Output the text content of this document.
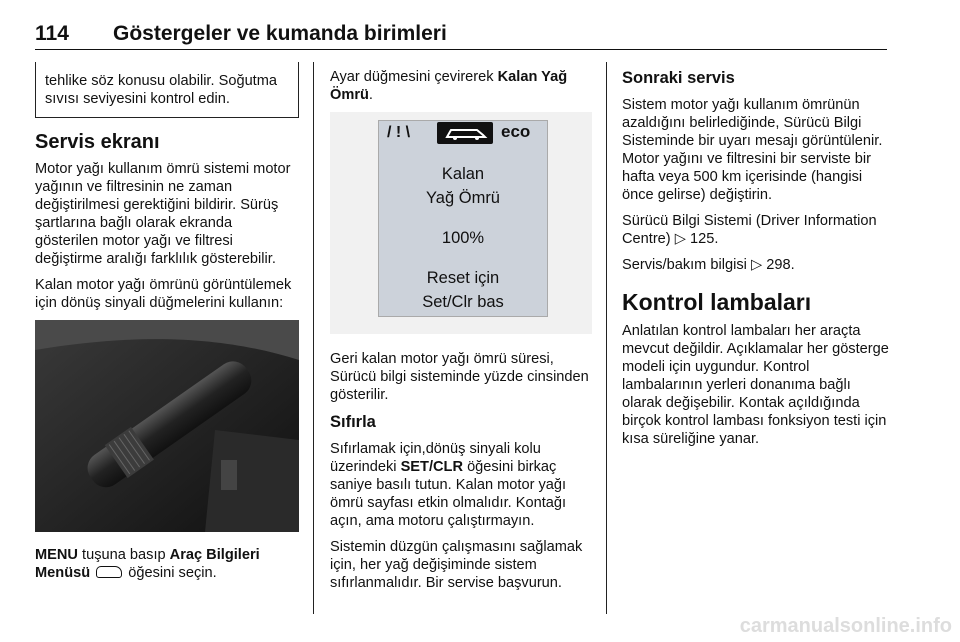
114 Göstergeler ve kumanda birimleri
tehlike söz konusu olabilir. Soğutma sıvısı seviyesini kontrol edin.
Servis ekranı

Motor yağı kullanım ömrü sistemi motor yağının ve filtresinin ne zaman değiştirilmesi gerektiğini bildirir. Sürüş şartlarına bağlı olarak ekranda gösterilen motor yağı ve filtresi değiştirme aralığı farklılık gösterebilir.

Kalan motor yağı ömrünü görüntülemek için dönüş sinyali düğmelerini kullanın:

MENU tuşuna basıp Araç Bilgileri Menüsü  öğesini seçin.

Ayar düğmesini çevirerek Kalan Yağ Ömrü.

/ ! \	eco
Kalan
Yağ Ömrü
100%
Reset için
Set/Clr bas

Geri kalan motor yağı ömrü süresi, Sürücü bilgi sisteminde yüzde cinsinden gösterilir.

Sıfırla

Sıfırlamak için,dönüş sinyali kolu üzerindeki SET/CLR öğesini birkaç saniye basılı tutun. Kalan motor yağı ömrü sayfası etkin olmalıdır. Kontağı açın, ama motoru çalıştırmayın.

Sistemin düzgün çalışmasını sağlamak için, her yağ değişiminde sistem sıfırlanmalıdır. Bir servise başvurun.

Sonraki servis

Sistem motor yağı kullanım ömrünün azaldığını belirlediğinde, Sürücü Bilgi Sisteminde bir uyarı mesajı görüntülenir. Motor yağını ve filtresini bir serviste bir hafta veya 500 km içerisinde (hangisi önce gelirse) değiştirin.

Sürücü Bilgi Sistemi (Driver Information Centre) ▷ 125.

Servis/bakım bilgisi ▷ 298.

Kontrol lambaları

Anlatılan kontrol lambaları her araçta mevcut değildir. Açıklamalar her gösterge modeli için uygundur. Kontrol lambalarının yerleri donanıma bağlı olarak değişebilir. Kontak açıldığında birçok kontrol lambası fonksiyon testi için kısa süreliğine yanar.

carmanualsonline.info
